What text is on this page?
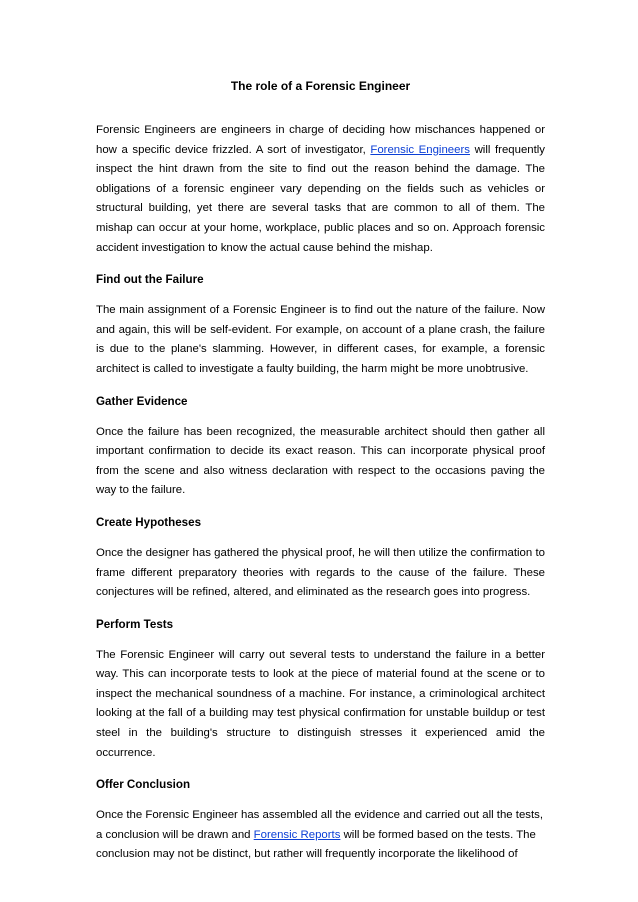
The role of a Forensic Engineer

Forensic Engineers are engineers in charge of deciding how mischances happened or how a specific device frizzled. A sort of investigator, Forensic Engineers will frequently inspect the hint drawn from the site to find out the reason behind the damage. The obligations of a forensic engineer vary depending on the fields such as vehicles or structural building, yet there are several tasks that are common to all of them. The mishap can occur at your home, workplace, public places and so on. Approach forensic accident investigation to know the actual cause behind the mishap.

Find out the Failure

The main assignment of a Forensic Engineer is to find out the nature of the failure. Now and again, this will be self-evident. For example, on account of a plane crash, the failure is due to the plane's slamming. However, in different cases, for example, a forensic architect is called to investigate a faulty building, the harm might be more unobtrusive.

Gather Evidence

Once the failure has been recognized, the measurable architect should then gather all important confirmation to decide its exact reason. This can incorporate physical proof from the scene and also witness declaration with respect to the occasions paving the way to the failure.

Create Hypotheses

Once the designer has gathered the physical proof, he will then utilize the confirmation to frame different preparatory theories with regards to the cause of the failure. These conjectures will be refined, altered, and eliminated as the research goes into progress.

Perform Tests

The Forensic Engineer will carry out several tests to understand the failure in a better way. This can incorporate tests to look at the piece of material found at the scene or to inspect the mechanical soundness of a machine. For instance, a criminological architect looking at the fall of a building may test physical confirmation for unstable buildup or test steel in the building's structure to distinguish stresses it experienced amid the occurrence.

Offer Conclusion

Once the Forensic Engineer has assembled all the evidence and carried out all the tests, a conclusion will be drawn and Forensic Reports will be formed based on the tests. The conclusion may not be distinct, but rather will frequently incorporate the likelihood of
